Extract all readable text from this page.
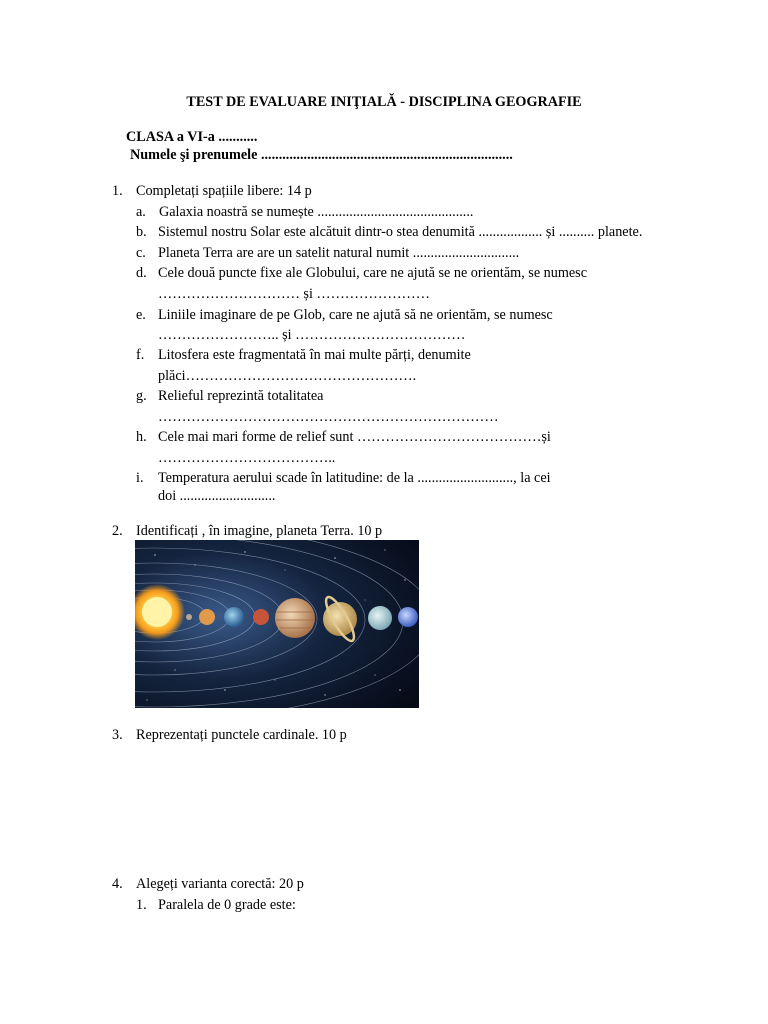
TEST DE EVALUARE INIŢIALĂ - DISCIPLINA GEOGRAFIE
CLASA a VI-a ...........
Numele şi prenumele .......................................................................
1. Completați spațiile libere: 14 p
a. Galaxia noastră se numește ............................................
b. Sistemul nostru Solar este alcătuit dintr-o stea denumită .................. și .......... planete.
c. Planeta Terra are are un satelit natural numit ..............................
d. Cele două puncte fixe ale Globului, care ne ajută se ne orientăm, se numesc
………………………… și ……………………
e. Liniile imaginare de pe Glob, care ne ajută să ne orientăm, se numesc
…………………….. și ………………………………
f. Litosfera este fragmentată în mai multe părți, denumite
plăci………………………………………….
g. Relieful reprezintă totalitatea
………………………………………………………………
h. Cele mai mari forme de relief sunt …………………………………și
………………………………..
i. Temperatura aerului scade în latitudine: de la ..........................., la cei
doi ...........................
2. Identificați , în imagine, planeta Terra. 10 p
3. Reprezentați punctele cardinale. 10 p
4. Alegeți varianta corectă: 20 p
1. Paralela de 0 grade este:
